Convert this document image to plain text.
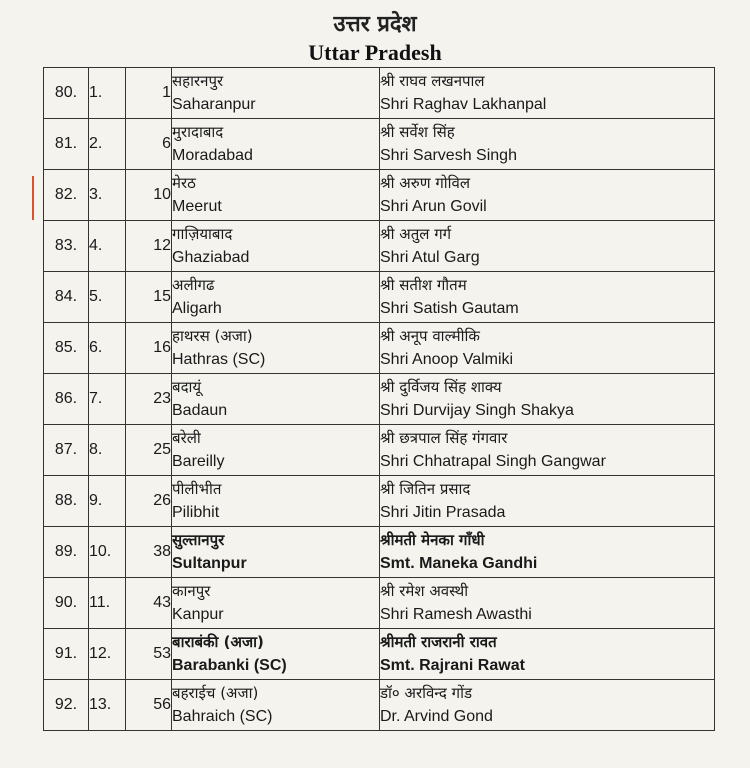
उत्तर प्रदेश
Uttar Pradesh
80.	1.	1	सहारनपुर
Saharanpur	श्री राघव लखनपाल
Shri Raghav Lakhanpal

81.	2.	6	मुरादाबाद
Moradabad	श्री सर्वेश सिंह
Shri Sarvesh Singh

82.	3.	10	मेरठ
Meerut	श्री अरुण गोविल
Shri Arun Govil

83.	4.	12	गाज़ियाबाद
Ghaziabad	श्री अतुल गर्ग
Shri Atul Garg

84.	5.	15	अलीगढ
Aligarh	श्री सतीश गौतम
Shri Satish Gautam

85.	6.	16	हाथरस (अजा)
Hathras (SC)	श्री अनूप वाल्मीकि
Shri Anoop Valmiki

86.	7.	23	बदायूं
Badaun	श्री दुर्विजय सिंह शाक्य
Shri Durvijay Singh Shakya

87.	8.	25	बरेली
Bareilly	श्री छत्रपाल सिंह गंगवार
Shri Chhatrapal Singh Gangwar

88.	9.	26	पीलीभीत
Pilibhit	श्री जितिन प्रसाद
Shri Jitin Prasada

89.	10.	38	सुल्तानपुर
Sultanpur	श्रीमती मेनका गाँधी
Smt. Maneka Gandhi

90.	11.	43	कानपुर
Kanpur	श्री रमेश अवस्थी
Shri Ramesh Awasthi

91.	12.	53	बाराबंकी (अजा)
Barabanki (SC)	श्रीमती राजरानी रावत
Smt. Rajrani Rawat

92.	13.	56	बहराईच (अजा)
Bahraich (SC)	डॉ० अरविन्द गोंड
Dr. Arvind Gond
